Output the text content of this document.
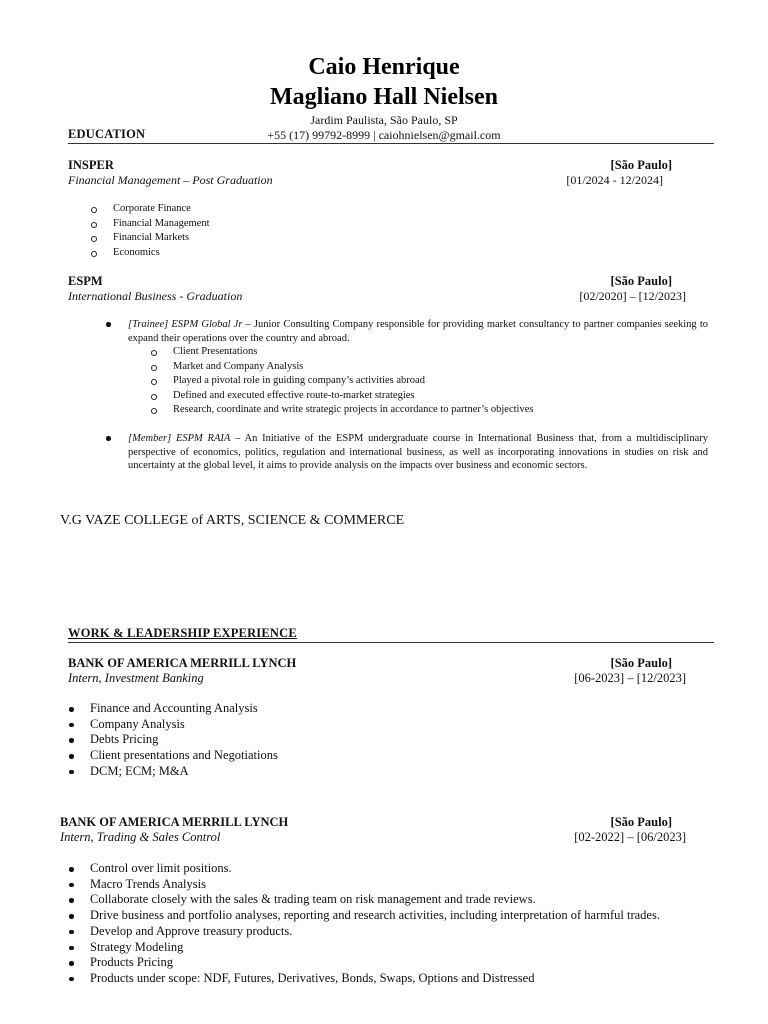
Caio Henrique
Magliano Hall Nielsen
Jardim Paulista, São Paulo, SP
+55 (17) 99792-8999 | caiohnielsen@gmail.com
EDUCATION
INSPER	[São Paulo]
Financial Management – Post Graduation	[01/2024 - 12/2024]
Corporate Finance
Financial Management
Financial Markets
Economics
ESPM	[São Paulo]
International Business - Graduation	[02/2020] – [12/2023]
[Trainee] ESPM Global Jr – Junior Consulting Company responsible for providing market consultancy to partner companies seeking to expand their operations over the country and abroad.
Client Presentations
Market and Company Analysis
Played a pivotal role in guiding company’s activities abroad
Defined and executed effective route-to-market strategies
Research, coordinate and write strategic projects in accordance to partner’s objectives
[Member] ESPM RAIA – An Initiative of the ESPM undergraduate course in International Business that, from a multidisciplinary perspective of economics, politics, regulation and international business, as well as incorporating innovations in studies on risk and uncertainty at the global level, it aims to provide analysis on the impacts over business and economic sectors.
V.G VAZE COLLEGE of ARTS, SCIENCE & COMMERCE
WORK & LEADERSHIP EXPERIENCE
BANK OF AMERICA MERRILL LYNCH	[São Paulo]
Intern, Investment Banking	[06-2023] – [12/2023]
Finance and Accounting Analysis
Company Analysis
Debts Pricing
Client presentations and Negotiations
DCM; ECM; M&A
BANK OF AMERICA MERRILL LYNCH	[São Paulo]
Intern, Trading & Sales Control	[02-2022] – [06/2023]
Control over limit positions.
Macro Trends Analysis
Collaborate closely with the sales & trading team on risk management and trade reviews.
Drive business and portfolio analyses, reporting and research activities, including interpretation of harmful trades.
Develop and Approve treasury products.
Strategy Modeling
Products Pricing
Products under scope: NDF, Futures, Derivatives, Bonds, Swaps, Options and Distressed
